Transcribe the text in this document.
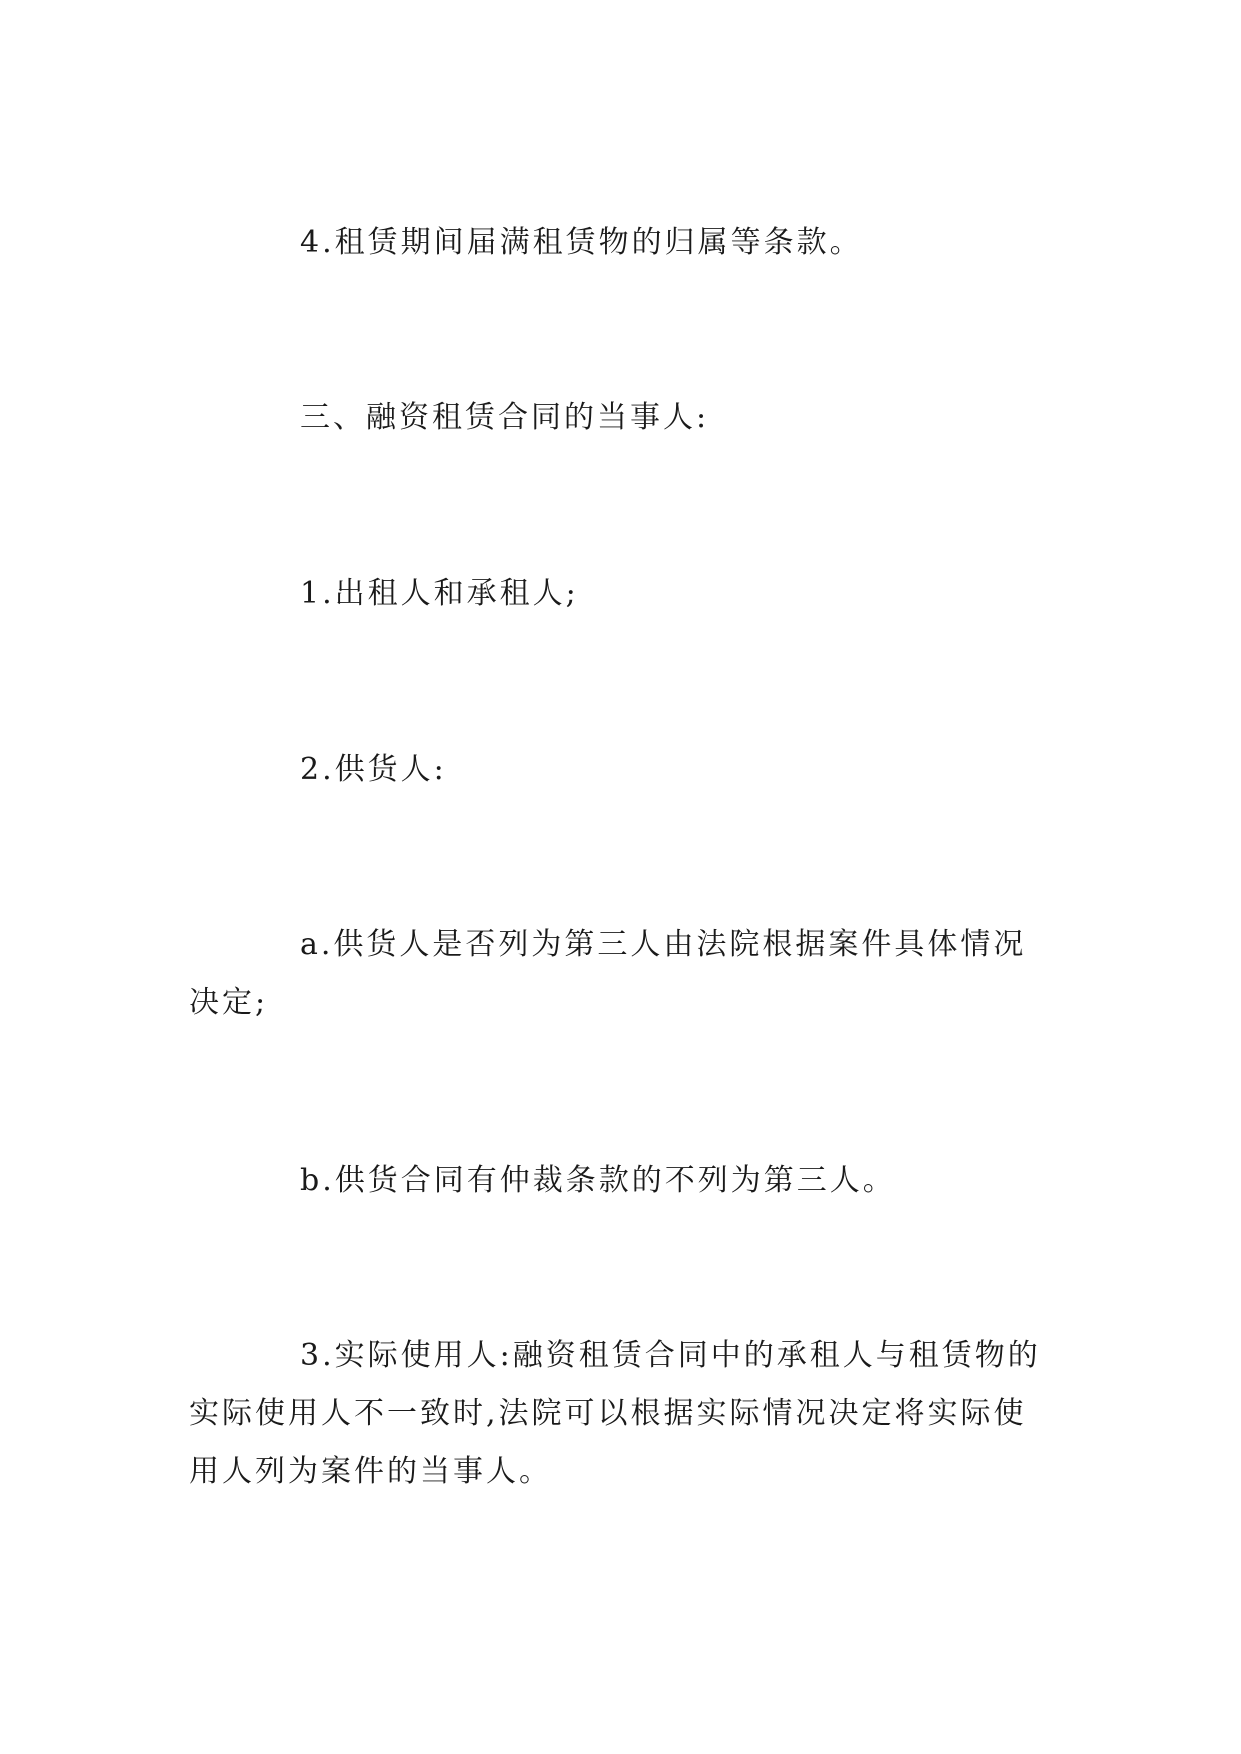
4.租赁期间届满租赁物的归属等条款。

三、融资租赁合同的当事人:

1.出租人和承租人;

2.供货人:

a.供货人是否列为第三人由法院根据案件具体情况决定;

b.供货合同有仲裁条款的不列为第三人。

3.实际使用人:融资租赁合同中的承租人与租赁物的实际使用人不一致时,法院可以根据实际情况决定将实际使用人列为案件的当事人。
